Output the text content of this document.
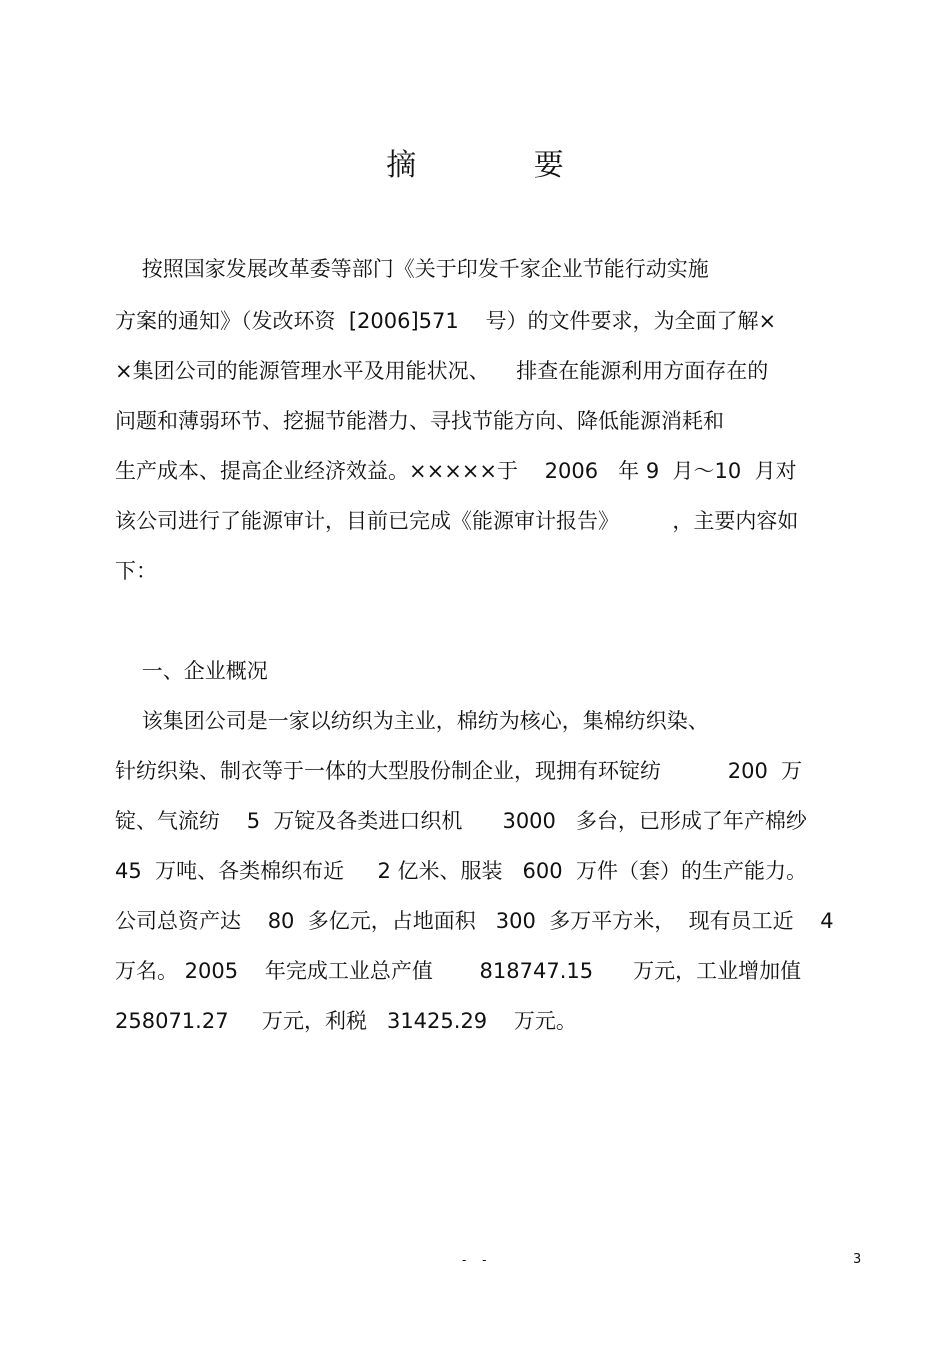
摘 要
按照国家发展改革委等部门《关于印发千家企业节能行动实施
方案的通知》（发改环资  [2006]571    号）的文件要求，为全面了解×
×集团公司的能源管理水平及用能状况、    排查在能源利用方面存在的
问题和薄弱环节、挖掘节能潜力、寻找节能方向、降低能源消耗和
生产成本、提高企业经济效益。×××××于    2006   年 9  月～10  月对
该公司进行了能源审计，目前已完成《能源审计报告》        ，主要内容如
下：
一、企业概况
该集团公司是一家以纺织为主业，棉纺为核心，集棉纺织染、
针纺织染、制衣等于一体的大型股份制企业，现拥有环锭纺          200  万
锭、气流纺    5  万锭及各类进口织机      3000   多台，已形成了年产棉纱
45  万吨、各类棉织布近     2 亿米、服装   600  万件（套）的生产能力。
公司总资产达    80  多亿元，占地面积   300  多万平方米，  现有员工近    4
万名。 2005    年完成工业总产值       818747.15      万元，工业增加值
258071.27     万元，利税   31425.29    万元。
- -	3
